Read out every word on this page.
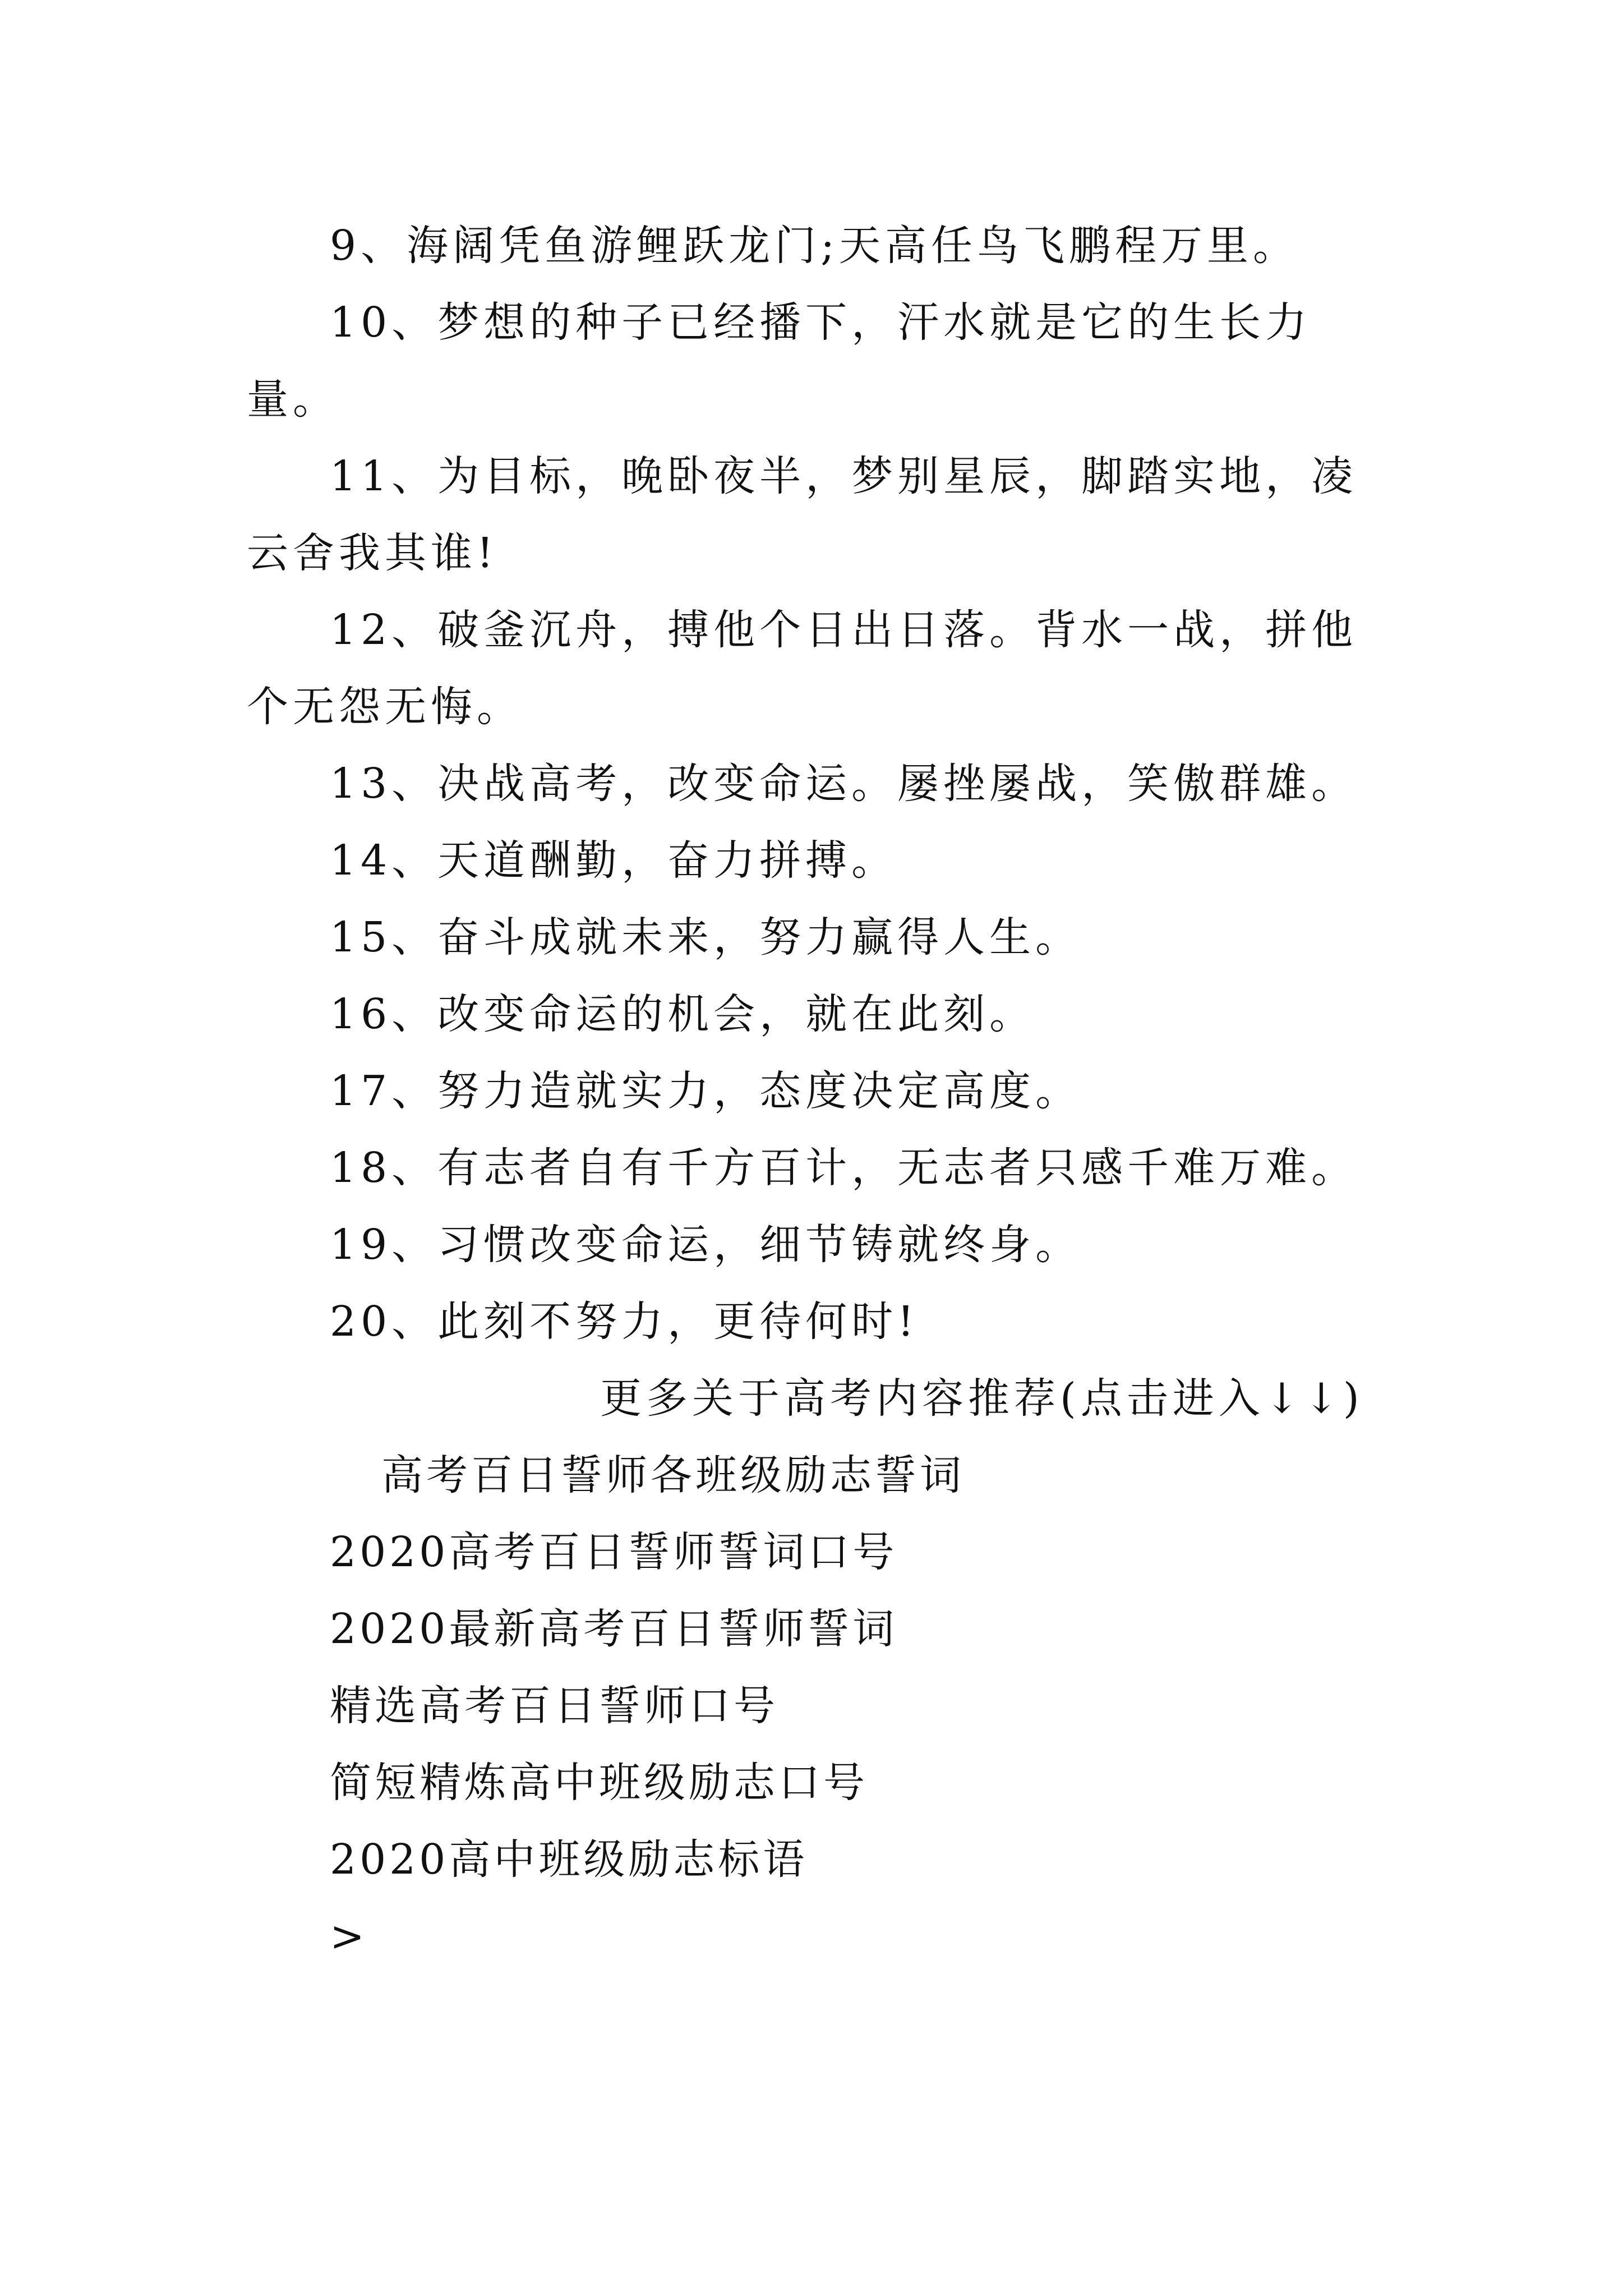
9、海阔凭鱼游鲤跃龙门;天高任鸟飞鹏程万里。

10、梦想的种子已经播下，汗水就是它的生长力量。

11、为目标，晚卧夜半，梦别星辰，脚踏实地，凌云舍我其谁!

12、破釜沉舟，搏他个日出日落。背水一战，拼他个无怨无悔。

13、决战高考，改变命运。屡挫屡战，笑傲群雄。

14、天道酬勤，奋力拼搏。

15、奋斗成就未来，努力赢得人生。

16、改变命运的机会，就在此刻。

17、努力造就实力，态度决定高度。

18、有志者自有千方百计，无志者只感千难万难。

19、习惯改变命运，细节铸就终身。

20、此刻不努力，更待何时!

更多关于高考内容推荐(点击进入↓↓)

高考百日誓师各班级励志誓词
2020高考百日誓师誓词口号
2020最新高考百日誓师誓词
精选高考百日誓师口号
简短精炼高中班级励志口号
2020高中班级励志标语
>
